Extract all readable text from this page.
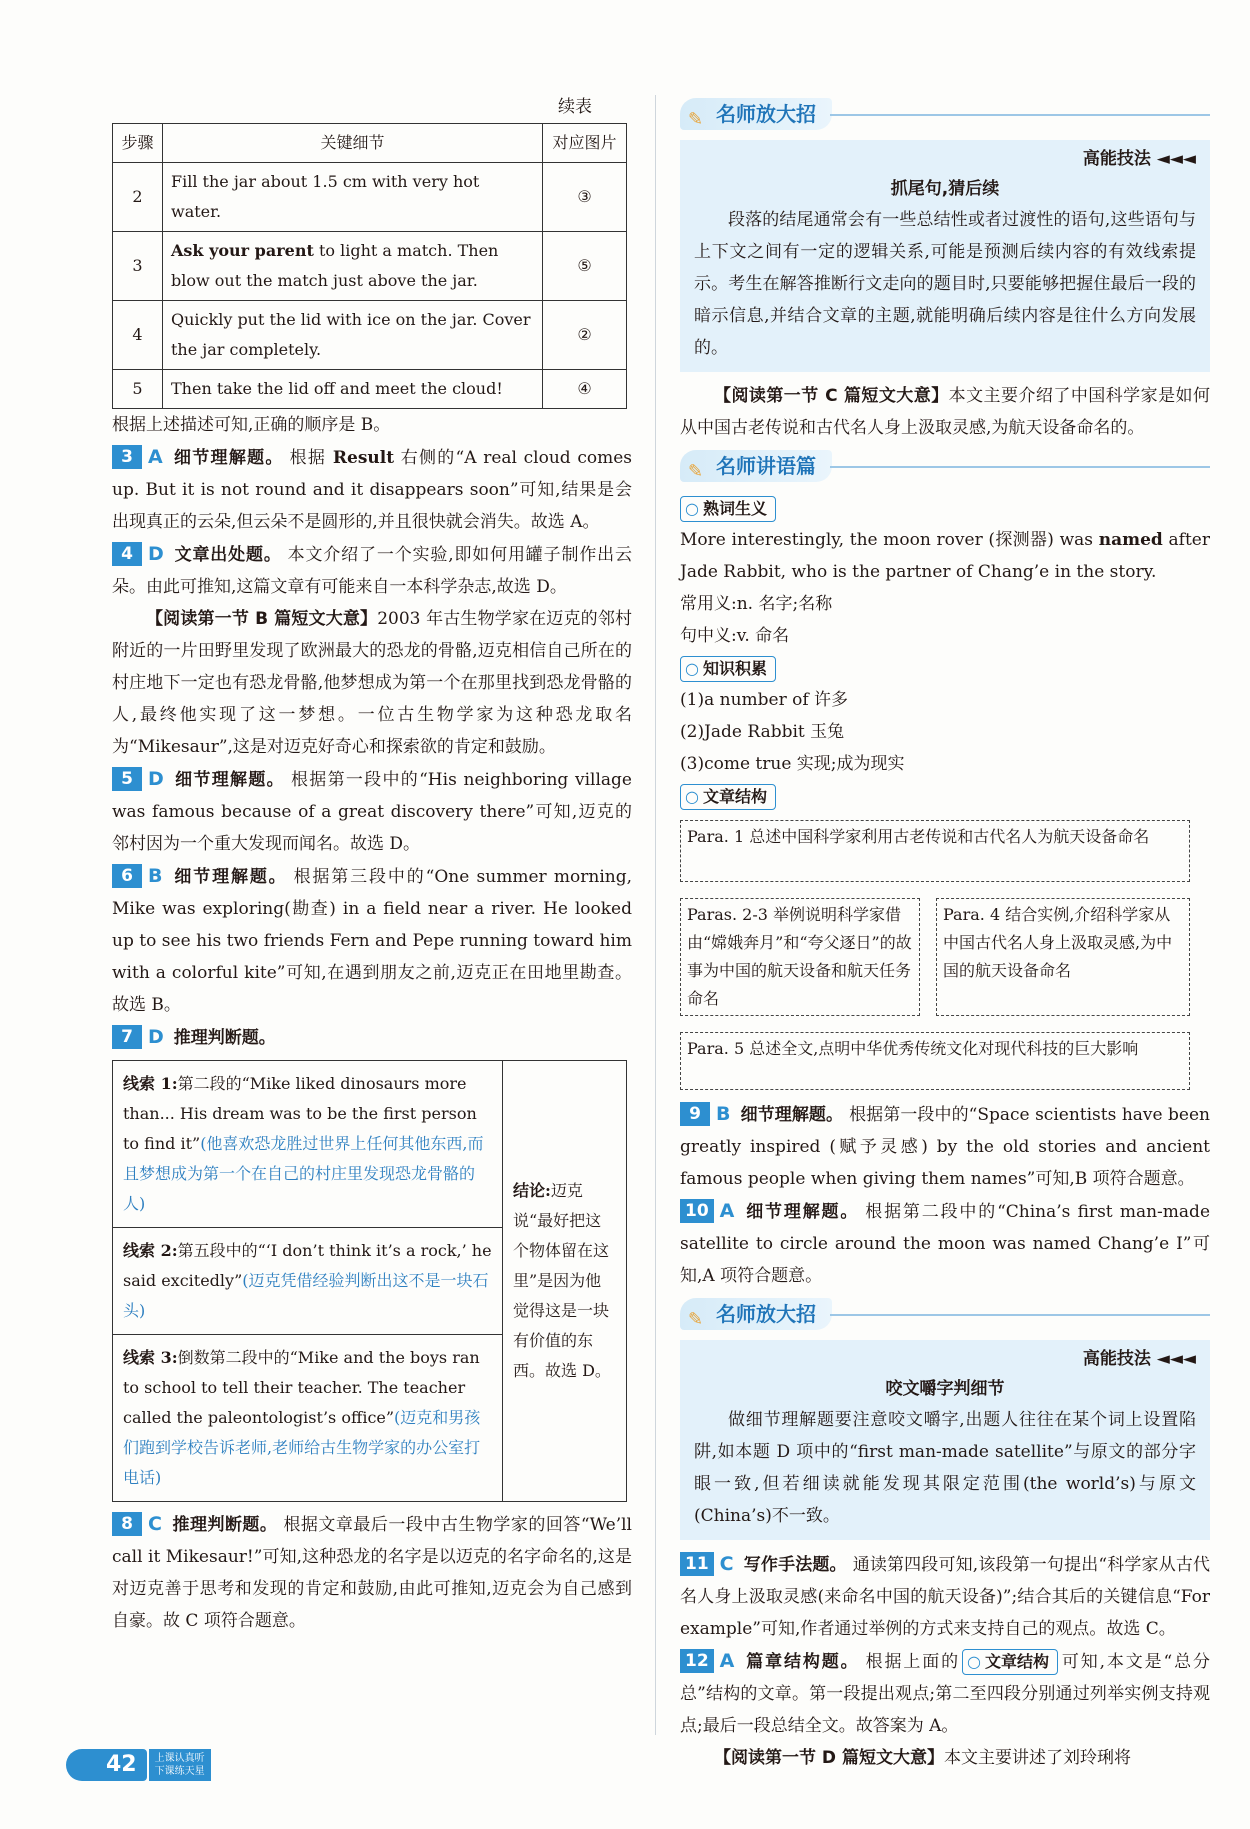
续表
步骤	关键细节	对应图片
2	Fill the jar about 1.5 cm with very hot water.	③
3	Ask your parent to light a match. Then blow out the match just above the jar.	⑤
4	Quickly put the lid with ice on the jar. Cover the jar completely.	②
5	Then take the lid off and meet the cloud!	④

根据上述描述可知,正确的顺序是 B。

3 A 细节理解题。 根据 Result 右侧的“A real cloud comes up. But it is not round and it disappears soon”可知,结果是会出现真正的云朵,但云朵不是圆形的,并且很快就会消失。故选 A。

4 D 文章出处题。 本文介绍了一个实验,即如何用罐子制作出云朵。由此可推知,这篇文章有可能来自一本科学杂志,故选 D。

【阅读第一节 B 篇短文大意】2003 年古生物学家在迈克的邻村附近的一片田野里发现了欧洲最大的恐龙的骨骼,迈克相信自己所在的村庄地下一定也有恐龙骨骼,他梦想成为第一个在那里找到恐龙骨骼的人,最终他实现了这一梦想。一位古生物学家为这种恐龙取名为“Mikesaur”,这是对迈克好奇心和探索欲的肯定和鼓励。

5 D 细节理解题。 根据第一段中的“His neighboring village was famous because of a great discovery there”可知,迈克的邻村因为一个重大发现而闻名。故选 D。

6 B 细节理解题。 根据第三段中的“One summer morning, Mike was exploring(勘查) in a field near a river. He looked up to see his two friends Fern and Pepe running toward him with a colorful kite”可知,在遇到朋友之前,迈克正在田地里勘查。故选 B。

7 D 推理判断题。

线索 1:第二段的“Mike liked dinosaurs more than... His dream was to be the first person to find it”(他喜欢恐龙胜过世界上任何其他东西,而且梦想成为第一个在自己的村庄里发现恐龙骨骼的人)	结论:迈克说“最好把这个物体留在这里”是因为他觉得这是一块有价值的东西。故选 D。
线索 2:第五段中的“‘I don’t think it’s a rock,’ he said excitedly”(迈克凭借经验判断出这不是一块石头)
线索 3:倒数第二段中的“Mike and the boys ran to school to tell their teacher. The teacher called the paleontologist’s office”(迈克和男孩们跑到学校告诉老师,老师给古生物学家的办公室打电话)

8 C 推理判断题。 根据文章最后一段中古生物学家的回答“We’ll call it Mikesaur!”可知,这种恐龙的名字是以迈克的名字命名的,这是对迈克善于思考和发现的肯定和鼓励,由此可推知,迈克会为自己感到自豪。故 C 项符合题意。

✎ 名师放大招
高能技法 ◄◄◄
抓尾句,猜后续

段落的结尾通常会有一些总结性或者过渡性的语句,这些语句与上下文之间有一定的逻辑关系,可能是预测后续内容的有效线索提示。考生在解答推断行文走向的题目时,只要能够把握住最后一段的暗示信息,并结合文章的主题,就能明确后续内容是往什么方向发展的。

【阅读第一节 C 篇短文大意】本文主要介绍了中国科学家是如何从中国古老传说和古代名人身上汲取灵感,为航天设备命名的。

✎ 名师讲语篇
○ 熟词生义

More interestingly, the moon rover (探测器) was named after Jade Rabbit, who is the partner of Chang’e in the story.

常用义:n. 名字;名称

句中义:v. 命名

○ 知识积累

(1)a number of 许多

(2)Jade Rabbit 玉兔

(3)come true 实现;成为现实

○ 文章结构
Para. 1 总述中国科学家利用古老传说和古代名人为航天设备命名
Paras. 2-3 举例说明科学家借由“嫦娥奔月”和“夸父逐日”的故事为中国的航天设备和航天任务命名
Para. 4 结合实例,介绍科学家从中国古代名人身上汲取灵感,为中国的航天设备命名
Para. 5 总述全文,点明中华优秀传统文化对现代科技的巨大影响

9 B 细节理解题。 根据第一段中的“Space scientists have been greatly inspired (赋予灵感) by the old stories and ancient famous people when giving them names”可知,B 项符合题意。

10 A 细节理解题。 根据第二段中的“China’s first man-made satellite to circle around the moon was named Chang’e I”可知,A 项符合题意。

✎ 名师放大招
高能技法 ◄◄◄
咬文嚼字判细节

做细节理解题要注意咬文嚼字,出题人往往在某个词上设置陷阱,如本题 D 项中的“first man-made satellite”与原文的部分字眼一致,但若细读就能发现其限定范围(the world’s)与原文(China’s)不一致。

11 C 写作手法题。 通读第四段可知,该段第一句提出“科学家从古代名人身上汲取灵感(来命名中国的航天设备)”;结合其后的关键信息“For example”可知,作者通过举例的方式来支持自己的观点。故选 C。

12 A 篇章结构题。 根据上面的 ○ 文章结构 可知,本文是“总分总”结构的文章。第一段提出观点;第二至四段分别通过列举实例支持观点;最后一段总结全文。故答案为 A。

【阅读第一节 D 篇短文大意】本文主要讲述了刘玲琍将

42 上课认真听
下课练天星
